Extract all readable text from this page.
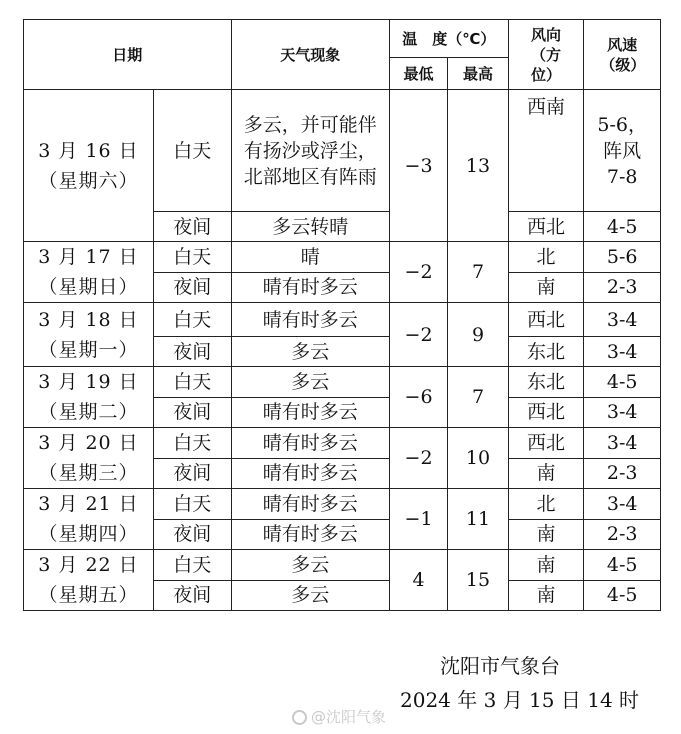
日期		天气现象	温　度（℃）		风向（方位）	风速（级）
			最低	最高		

3 月 16 日
（星期六）	白天	多云，并可能伴有扬沙或浮尘，北部地区有阵雨	−3	13	西南	5-6，阵风 7-8
	夜间	多云转晴			西北	4-5

3 月 17 日
（星期日）	白天	晴	−2	7	北	5-6
	夜间	晴有时多云			南	2-3

3 月 18 日
（星期一）	白天	晴有时多云	−2	9	西北	3-4
	夜间	多云			东北	3-4

3 月 19 日
（星期二）	白天	多云	−6	7	东北	4-5
	夜间	晴有时多云			西北	3-4

3 月 20 日
（星期三）	白天	晴有时多云	−2	10	西北	3-4
	夜间	晴有时多云			南	2-3

3 月 21 日
（星期四）	白天	晴有时多云	−1	11	北	3-4
	夜间	晴有时多云			南	2-3

3 月 22 日
（星期五）	白天	多云	4	15	南	4-5
	夜间	多云			南	4-5
沈阳市气象台
2024 年 3 月 15 日 14 时
@沈阳气象
